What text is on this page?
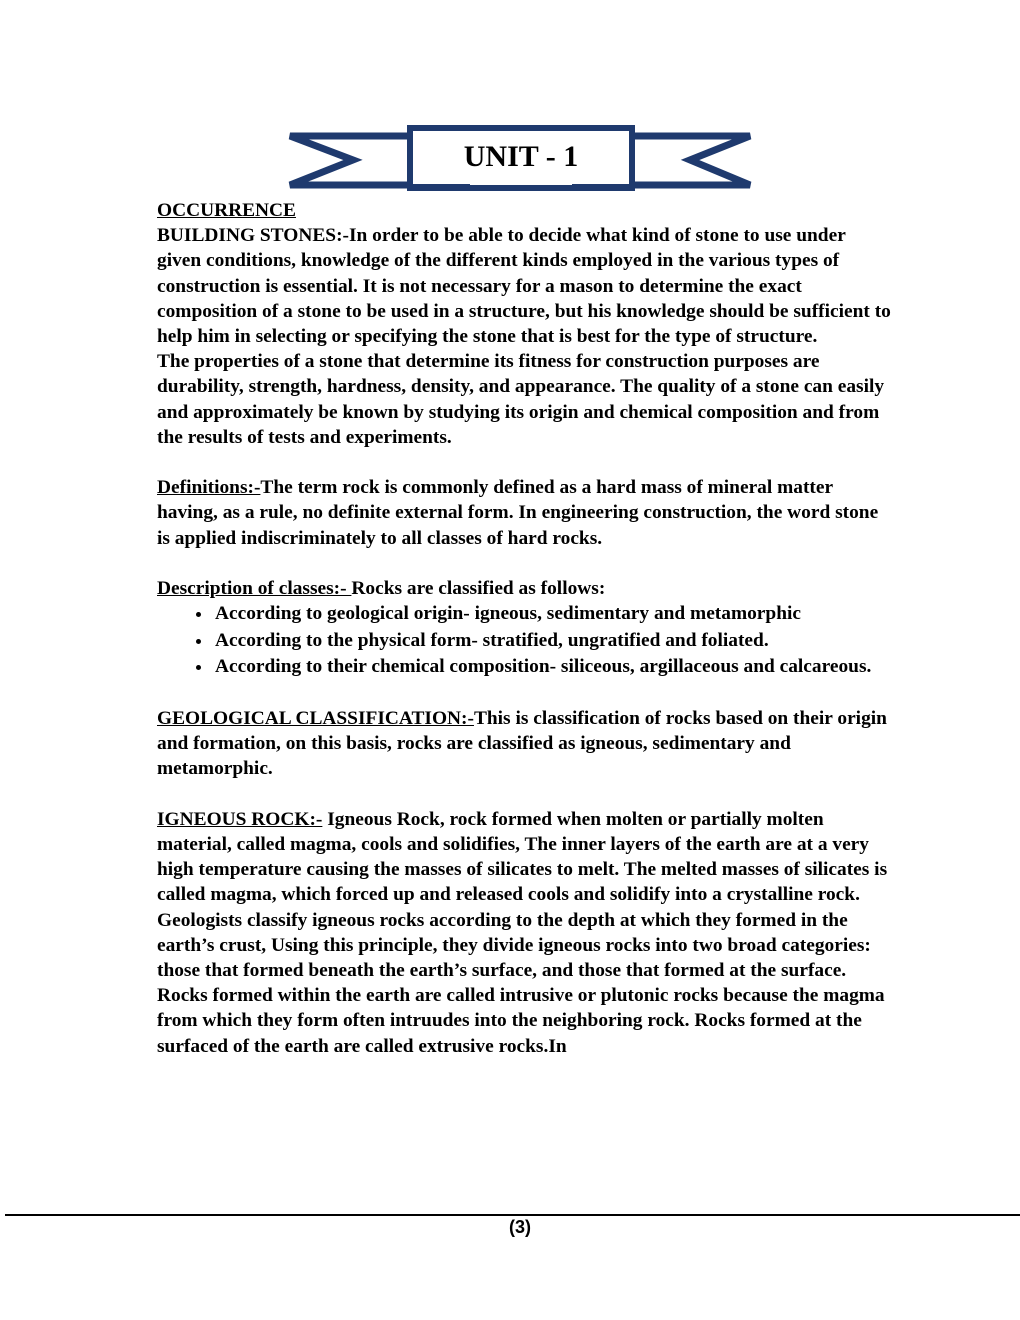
UNIT - 1

OCCURRENCE

BUILDING STONES:-In order to be able to decide what kind of stone to use under given conditions, knowledge of the different kinds employed in the various types of construction is essential. It is not necessary for a mason to determine the exact composition of a stone to be used in a structure, but his knowledge should be sufficient to help him in selecting or specifying the stone that is best for the type of structure.

The properties of a stone that determine its fitness for construction purposes are durability, strength, hardness, density, and appearance. The quality of a stone can easily and approximately be known by studying its origin and chemical composition and from the results of tests and experiments.

Definitions:-The term rock is commonly defined as a hard mass of mineral matter having, as a rule, no definite external form. In engineering construction, the word stone is applied indiscriminately to all classes of hard rocks.

Description of classes:- Rocks are classified as follows:

• According to geological origin- igneous, sedimentary and metamorphic
• According to the physical form- stratified, ungratified and foliated.
• According to their chemical composition- siliceous, argillaceous and calcareous.

GEOLOGICAL CLASSIFICATION:-This is classification of rocks based on their origin and formation, on this basis, rocks are classified as igneous, sedimentary and metamorphic.

IGNEOUS ROCK:- Igneous Rock, rock formed when molten or partially molten material, called magma, cools and solidifies, The inner layers of the earth are at a very high temperature causing the masses of silicates to melt. The melted masses of silicates is called magma, which forced up and released cools and solidify into a crystalline rock.

Geologists classify igneous rocks according to the depth at which they formed in the earth’s crust, Using this principle, they divide igneous rocks into two broad categories: those that formed beneath the earth’s surface, and those that formed at the surface.

Rocks formed within the earth are called intrusive or plutonic rocks because the magma from which they form often intruudes into the neighboring rock. Rocks formed at the surfaced of the earth are called extrusive rocks.In

(3)
